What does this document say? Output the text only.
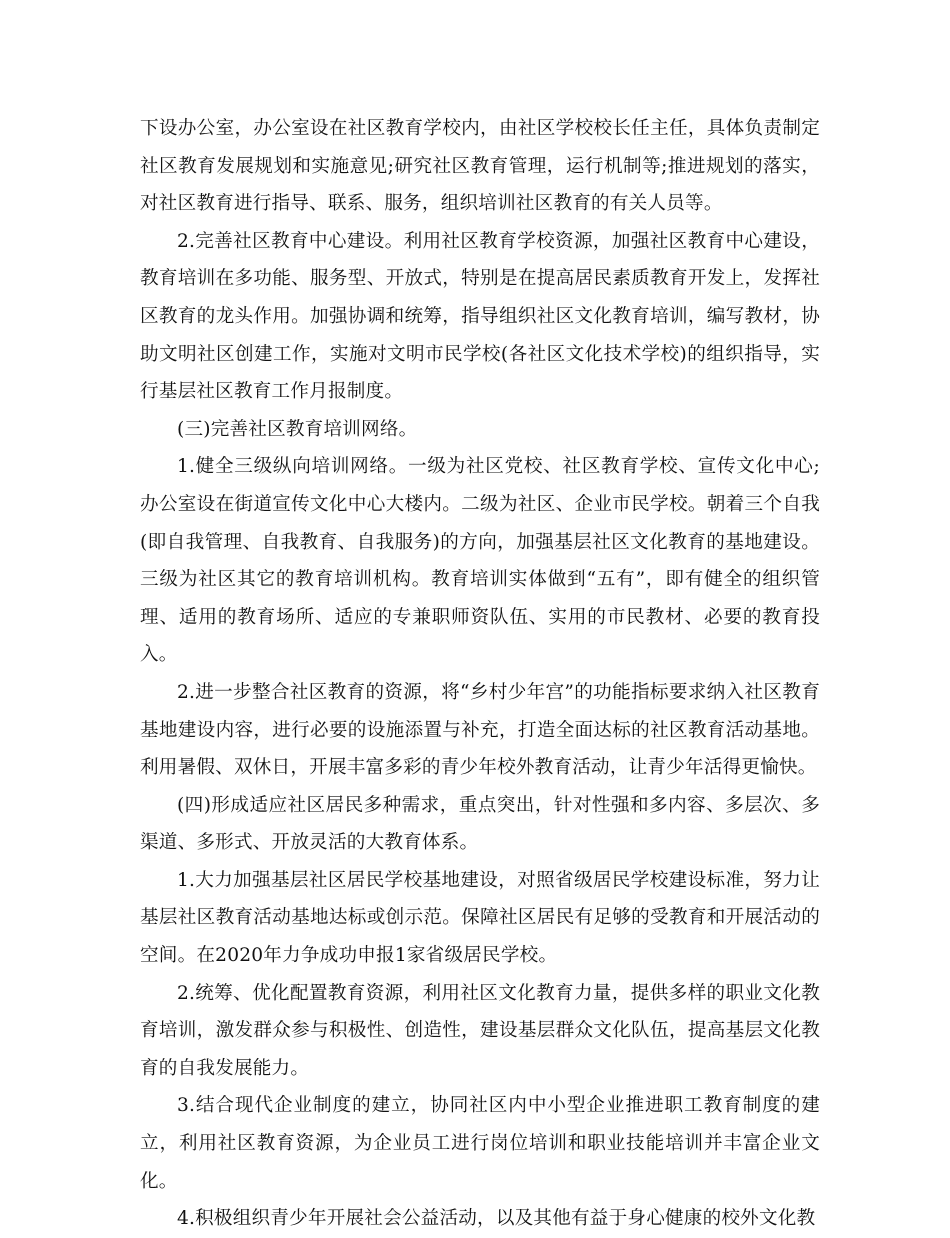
下设办公室，办公室设在社区教育学校内，由社区学校校长任主任，具体负责制定社区教育发展规划和实施意见;研究社区教育管理，运行机制等;推进规划的落实，对社区教育进行指导、联系、服务，组织培训社区教育的有关人员等。

2.完善社区教育中心建设。利用社区教育学校资源，加强社区教育中心建设，教育培训在多功能、服务型、开放式，特别是在提高居民素质教育开发上，发挥社区教育的龙头作用。加强协调和统筹，指导组织社区文化教育培训，编写教材，协助文明社区创建工作，实施对文明市民学校(各社区文化技术学校)的组织指导，实行基层社区教育工作月报制度。

(三)完善社区教育培训网络。

1.健全三级纵向培训网络。一级为社区党校、社区教育学校、宣传文化中心;办公室设在街道宣传文化中心大楼内。二级为社区、企业市民学校。朝着三个自我(即自我管理、自我教育、自我服务)的方向，加强基层社区文化教育的基地建设。三级为社区其它的教育培训机构。教育培训实体做到“五有”，即有健全的组织管理、适用的教育场所、适应的专兼职师资队伍、实用的市民教材、必要的教育投入。

2.进一步整合社区教育的资源，将“乡村少年宫”的功能指标要求纳入社区教育基地建设内容，进行必要的设施添置与补充，打造全面达标的社区教育活动基地。利用暑假、双休日，开展丰富多彩的青少年校外教育活动，让青少年活得更愉快。

(四)形成适应社区居民多种需求，重点突出，针对性强和多内容、多层次、多渠道、多形式、开放灵活的大教育体系。

1.大力加强基层社区居民学校基地建设，对照省级居民学校建设标准，努力让基层社区教育活动基地达标或创示范。保障社区居民有足够的受教育和开展活动的空间。在2020年力争成功申报1家省级居民学校。

2.统筹、优化配置教育资源，利用社区文化教育力量，提供多样的职业文化教育培训，激发群众参与积极性、创造性，建设基层群众文化队伍，提高基层文化教育的自我发展能力。

3.结合现代企业制度的建立，协同社区内中小型企业推进职工教育制度的建立，利用社区教育资源，为企业员工进行岗位培训和职业技能培训并丰富企业文化。

4.积极组织青少年开展社会公益活动，以及其他有益于身心健康的校外文化教
